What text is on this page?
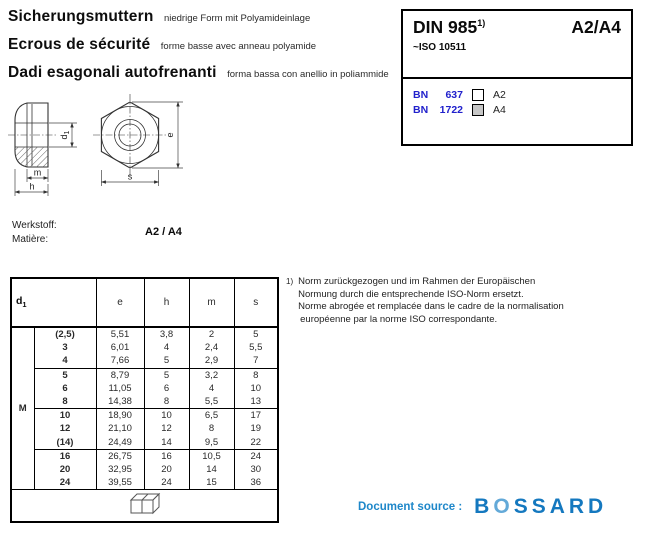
Sicherungsmuttern niedrige Form mit Polyamideinlage
Ecrous de sécurité forme basse avec anneau polyamide
Dadi esagonali autofrenanti forma bassa con anellio in poliammide
DIN 985$^{1)}$	A2/A4
~ISO 10511
BN	637	A2
BN	1722	A4
$d_1$
m
h
s
e
Werkstoff:
Matière:
A2 / A4
1) Norm zurückgezogen und im Rahmen der Europäischen
Normung durch die entsprechende ISO-Norm ersetzt.
Norme abrogée et remplacée dans le cadre de la normalisation
européenne par la norme ISO correspondante.
$d_1$		e	h	m	s
M	(2,5)	5,51	3,8	2	5
	3	6,01	4	2,4	5,5
	4	7,66	5	2,9	7
	5	8,79	5	3,2	8
	6	11,05	6	4	10
	8	14,38	8	5,5	13
	10	18,90	10	6,5	17
	12	21,10	12	8	19
	(14)	24,49	14	9,5	22
	16	26,75	16	10,5	24
	20	32,95	20	14	30
	24	39,55	24	15	36

Document source : B O SSARD
